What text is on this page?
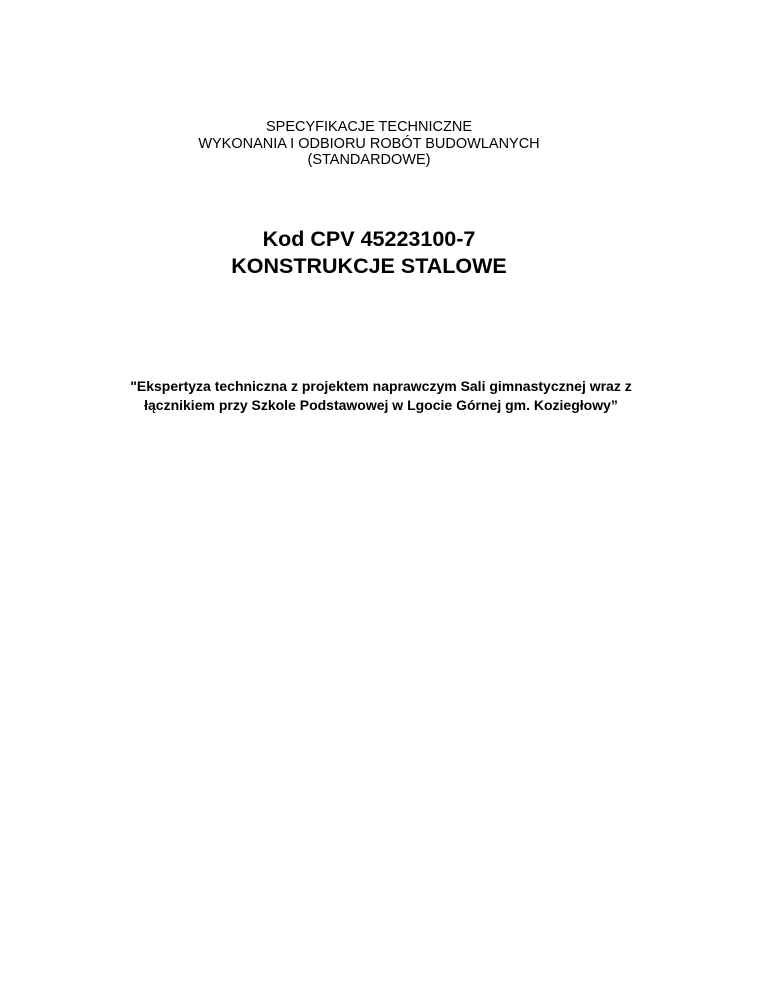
SPECYFIKACJE TECHNICZNE
WYKONANIA I ODBIORU ROBÓT BUDOWLANYCH
(STANDARDOWE)
Kod CPV 45223100-7
KONSTRUKCJE STALOWE
"Ekspertyza techniczna z projektem naprawczym Sali gimnastycznej wraz z
łącznikiem przy Szkole Podstawowej w Lgocie Górnej gm. Koziegłowy”
